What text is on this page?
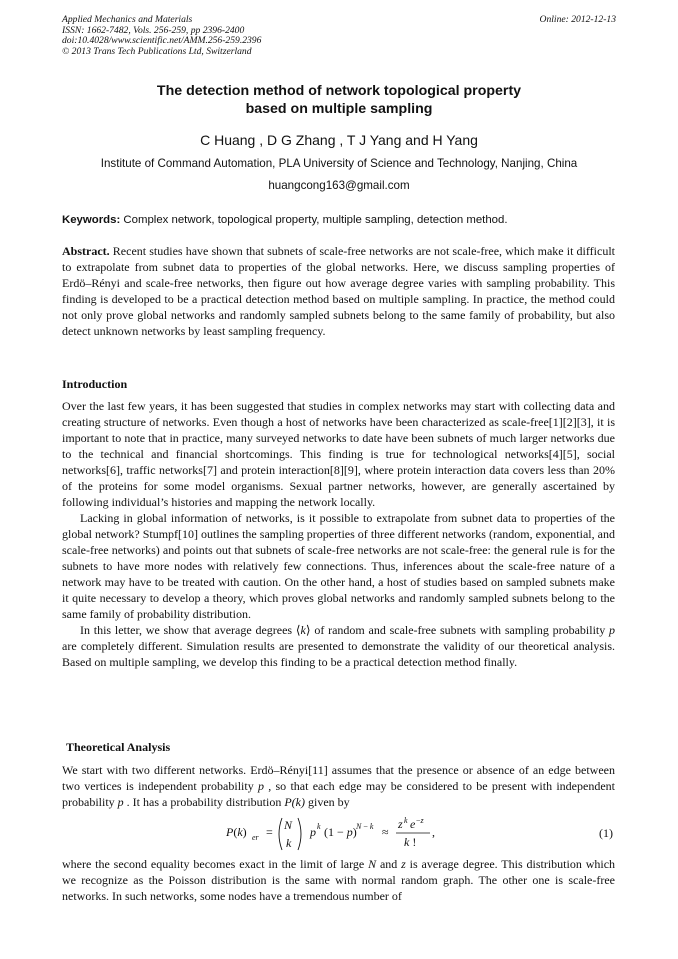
Applied Mechanics and Materials
ISSN: 1662-7482, Vols. 256-259, pp 2396-2400
doi:10.4028/www.scientific.net/AMM.256-259.2396
© 2013 Trans Tech Publications Ltd, Switzerland
Online: 2012-12-13
The detection method of network topological property
based on multiple sampling
C Huang , D G Zhang , T J Yang and H Yang
Institute of Command Automation, PLA University of Science and Technology, Nanjing, China
huangcong163@gmail.com
Keywords: Complex network, topological property, multiple sampling, detection method.
Abstract. Recent studies have shown that subnets of scale-free networks are not scale-free, which make it difficult to extrapolate from subnet data to properties of the global networks. Here, we discuss sampling properties of Erdö–Rényi and scale-free networks, then figure out how average degree varies with sampling probability. This finding is developed to be a practical detection method based on multiple sampling. In practice, the method could not only prove global networks and randomly sampled subnets belong to the same family of probability, but also detect unknown networks by least sampling frequency.
Introduction

Over the last few years, it has been suggested that studies in complex networks may start with collecting data and creating structure of networks. Even though a host of networks have been characterized as scale-free[1][2][3], it is important to note that in practice, many surveyed networks to date have been subnets of much larger networks due to the technical and financial shortcomings. This finding is true for technological networks[4][5], social networks[6], traffic networks[7] and protein interaction[8][9], where protein interaction data covers less than 20% of the proteins for some model organisms. Sexual partner networks, however, are generally ascertained by following individual’s histories and mapping the network locally.

Lacking in global information of networks, is it possible to extrapolate from subnet data to properties of the global network? Stumpf[10] outlines the sampling properties of three different networks (random, exponential, and scale-free networks) and points out that subnets of scale-free networks are not scale-free: the general rule is for the subnets to have more nodes with relatively few connections. Thus, inferences about the scale-free nature of a network may have to be treated with caution. On the other hand, a host of studies based on sampled subnets make it quite necessary to develop a theory, which proves global networks and randomly sampled subnets belong to the same family of probability distribution.

In this letter, we show that average degrees ⟨k⟩ of random and scale-free subnets with sampling probability p are completely different. Simulation results are presented to demonstrate the validity of our theoretical analysis. Based on multiple sampling, we develop this finding to be a practical detection method finally.

Theoretical Analysis

We start with two different networks. Erdö–Rényi[11] assumes that the presence or absence of an edge between two vertices is independent probability p , so that each edge may be considered to be present with independent probability p . It has a probability distribution P(k) given by

P(k) er = N
k
p k (1 − p) N − k ≈
z k e −z
k !
,	(1)

where the second equality becomes exact in the limit of large N and z is average degree. This distribution which we recognize as the Poisson distribution is the same with normal random graph. The other one is scale-free networks. In such networks, some nodes have a tremendous number of
